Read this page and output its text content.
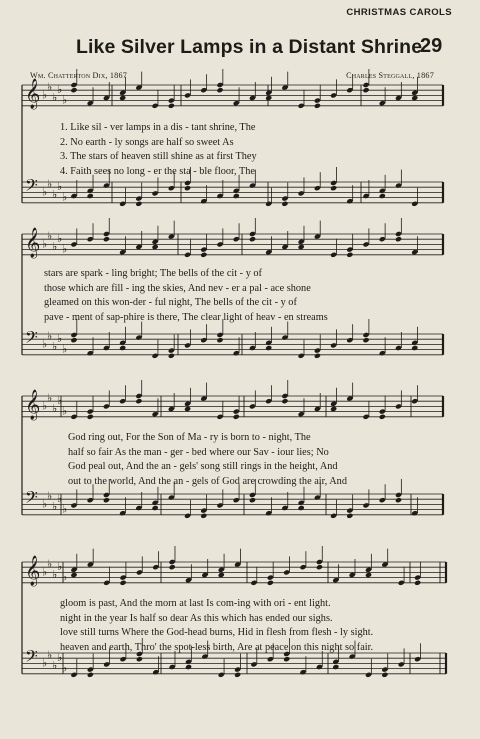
CHRISTMAS CAROLS
Like Silver Lamps in a Distant Shrine
29
Wm. Chatterton Dix, 1867	Charles Steggall, 1867
𝄞 ♭
♭
♭
♭
♭
𝄢 ♭
♭
♭
♭
♭
𝄞 ♭
♭
♭
♭
♭
𝄢 ♭
♭
♭
♭
♭
𝄞 ♭
♭
♭
♭
♭
𝄢 ♭
♭
♭
♭
♭
𝄞 ♭
♭
♭
♭
♭
𝄢 ♭
♭
♭
♭
♭
1. Like sil - ver lamps in a dis - tant shrine, The
2. No earth - ly songs are half so sweet As
3. The stars of heaven still shine as at first They
4. Faith sees no long - er the sta - ble floor, The
stars are spark - ling bright; The bells of the cit - y of
those which are fill - ing the skies, And nev - er a pal - ace shone
gleamed on this won-der - ful night, The bells of the cit - y of
pave - ment of sap-phire is there, The clear light of heav - en streams
God ring out, For the Son of Ma - ry is born to - night, The
half so fair As the man - ger - bed where our Sav - iour lies; No
God peal out, And the an - gels' song still rings in the height, And
out to the world, And the an - gels of God are crowding the air, And
gloom is past, And the morn at last Is com-ing with ori - ent light.
night in the year Is half so dear As this which has ended our sighs.
love still turns Where the God-head burns, Hid in flesh from flesh - ly sight.
heaven and earth, Thro' the spot-less birth, Are at peace on this night so fair.
